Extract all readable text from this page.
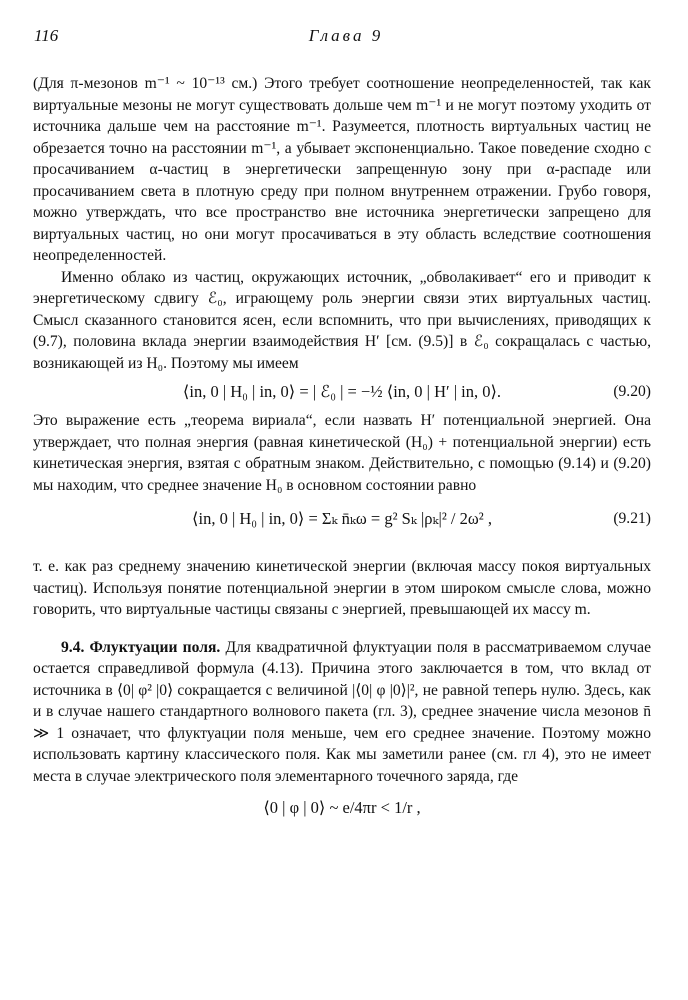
116	Глава 9

(Для π-мезонов m⁻¹ ~ 10⁻¹³ см.) Этого требует соотношение неопределенностей, так как виртуальные мезоны не могут существовать дольше чем m⁻¹ и не могут поэтому уходить от источника дальше чем на расстояние m⁻¹. Разумеется, плотность виртуальных частиц не обрезается точно на расстоянии m⁻¹, а убывает экспоненциально. Такое поведение сходно с просачиванием α-частиц в энергетически запрещенную зону при α-распаде или просачиванием света в плотную среду при полном внутреннем отражении. Грубо говоря, можно утверждать, что все пространство вне источника энергетически запрещено для виртуальных частиц, но они могут просачиваться в эту область вследствие соотношения неопределенностей.

Именно облако из частиц, окружающих источник, „обволакивает“ его и приводит к энергетическому сдвигу ℰ₀, играющему роль энергии связи этих виртуальных частиц. Смысл сказанного становится ясен, если вспомнить, что при вычислениях, приводящих к (9.7), половина вклада энергии взаимодействия H′ [см. (9.5)] в ℰ₀ сокращалась с частью, возникающей из H₀. Поэтому мы имеем

⟨in, 0 | H₀ | in, 0⟩ = | ℰ₀ | = −½ ⟨in, 0 | H′ | in, 0⟩.	(9.20)

Это выражение есть „теорема вириала“, если назвать H′ потенциальной энергией. Она утверждает, что полная энергия (равная кинетической (H₀) + потенциальной энергии) есть кинетическая энергия, взятая с обратным знаком. Действительно, с помощью (9.14) и (9.20) мы находим, что среднее значение H₀ в основном состоянии равно

⟨in, 0 | H₀ | in, 0⟩ = Σₖ n̄ₖω = g² Sₖ |ρₖ|² / 2ω² ,	(9.21)

т. е. как раз среднему значению кинетической энергии (включая массу покоя виртуальных частиц). Используя понятие потенциальной энергии в этом широком смысле слова, можно говорить, что виртуальные частицы связаны с энергией, превышающей их массу m.

9.4. Флуктуации поля. Для квадратичной флуктуации поля в рассматриваемом случае остается справедливой формула (4.13). Причина этого заключается в том, что вклад от источника в ⟨0| φ² |0⟩ сокращается с величиной |⟨0| φ |0⟩|², не равной теперь нулю. Здесь, как и в случае нашего стандартного волнового пакета (гл. 3), среднее значение числа мезонов n̄ ≫ 1 означает, что флуктуации поля меньше, чем его среднее значение. Поэтому можно использовать картину классического поля. Как мы заметили ранее (см. гл 4), это не имеет места в случае электрического поля элементарного точечного заряда, где

⟨0 | φ | 0⟩ ~ e/4πr < 1/r ,
